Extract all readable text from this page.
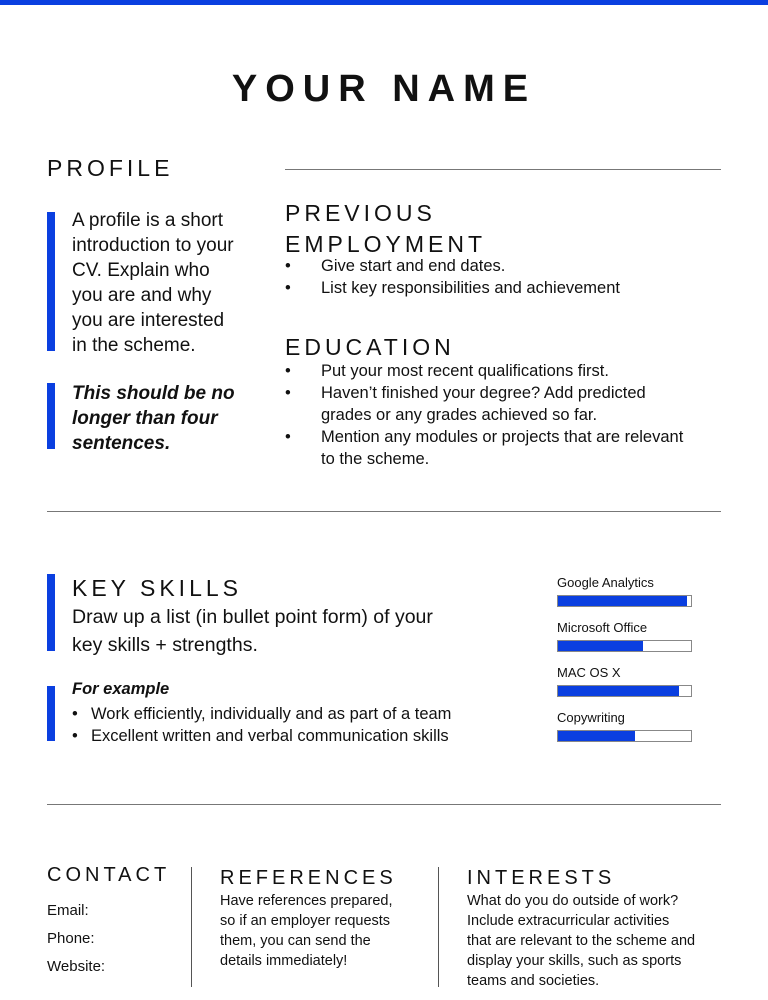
YOUR NAME
PROFILE
A profile is a short
introduction to your
CV. Explain who
you are and why
you are interested
in the scheme.
This should be no
longer than four
sentences.
PREVIOUS
EMPLOYMENT
• Give start and end dates.
• List key responsibilities and achievement
EDUCATION
• Put your most recent qualifications first.
• Haven’t finished your degree? Add predicted
grades or any grades achieved so far.
• Mention any modules or projects that are relevant
to the scheme.
KEY SKILLS
Draw up a list (in bullet point form) of your
key skills + strengths.
For example
• Work efficiently, individually and as part of a team
• Excellent written and verbal communication skills
Google Analytics
Microsoft Office
MAC OS X
Copywriting
CONTACT
Email:
Phone:
Website:
REFERENCES
Have references prepared,
so if an employer requests
them, you can send the
details immediately!
INTERESTS
What do you do outside of work?
Include extracurricular activities
that are relevant to the scheme and
display your skills, such as sports
teams and societies.
